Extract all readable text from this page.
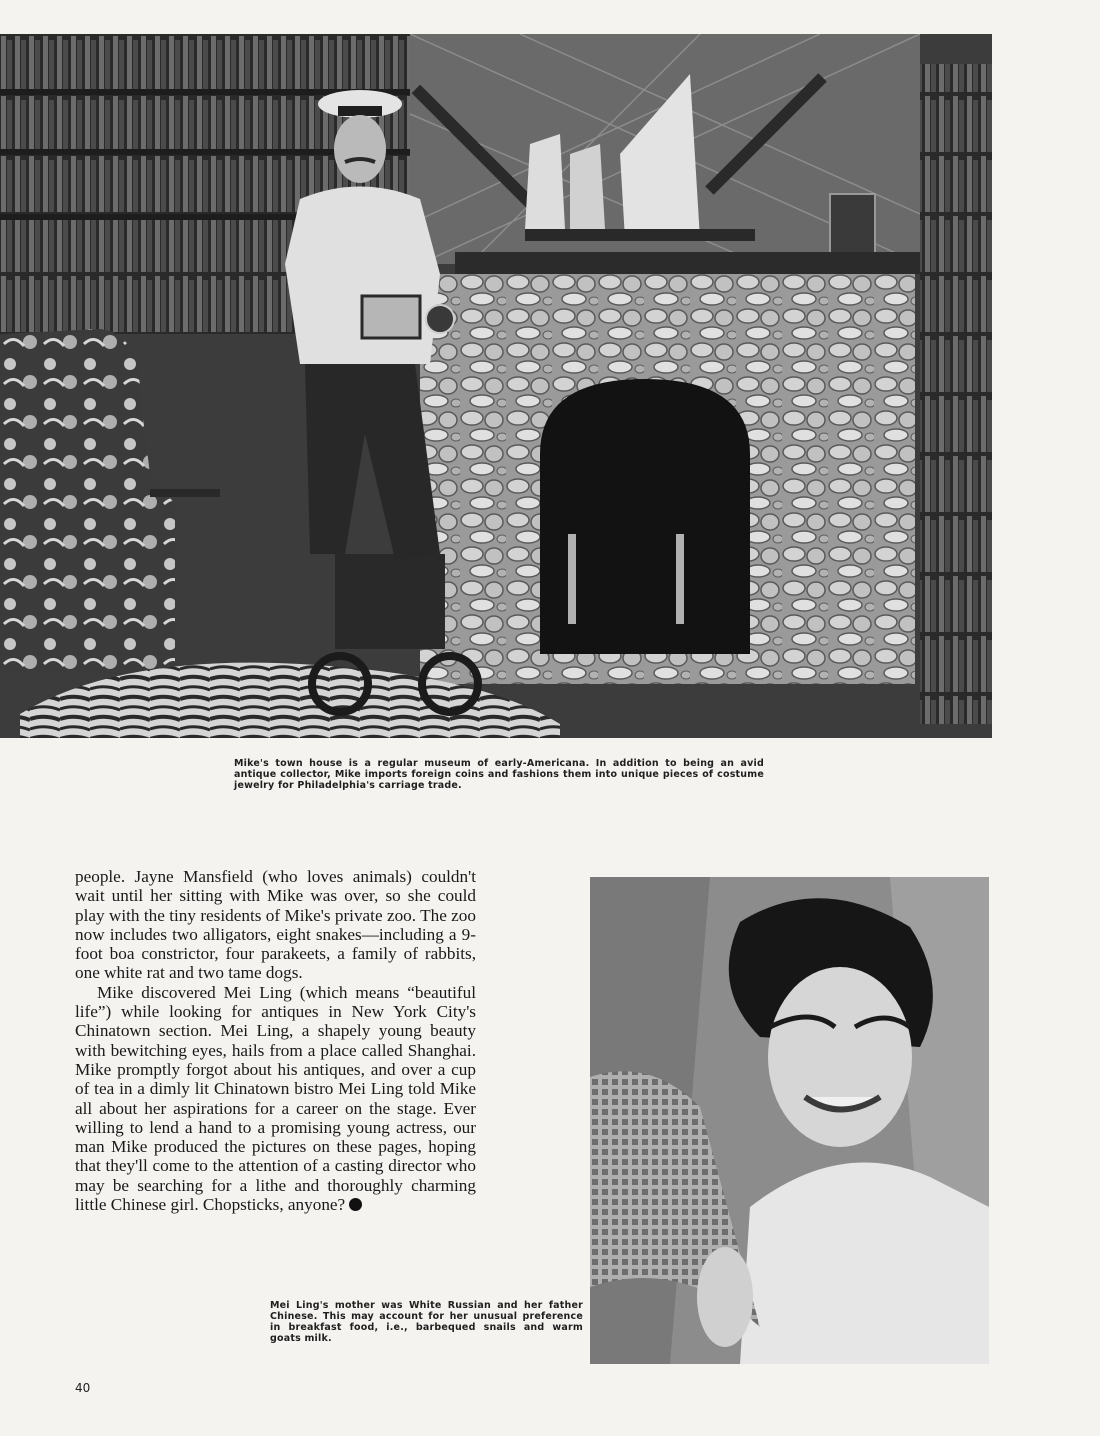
Mike's town house is a regular museum of early-Americana. In addition to being an avid antique collector, Mike imports foreign coins and fashions them into unique pieces of costume jewelry for Philadelphia's carriage trade.

people. Jayne Mansfield (who loves animals) couldn't wait until her sitting with Mike was over, so she could play with the tiny residents of Mike's private zoo. The zoo now includes two alligators, eight snakes—including a 9-foot boa constrictor, four parakeets, a family of rabbits, one white rat and two tame dogs.

Mike discovered Mei Ling (which means “beautiful life”) while looking for antiques in New York City's Chinatown section. Mei Ling, a shapely young beauty with bewitching eyes, hails from a place called Shanghai. Mike promptly forgot about his antiques, and over a cup of tea in a dimly lit Chinatown bistro Mei Ling told Mike all about her aspirations for a career on the stage. Ever willing to lend a hand to a promising young actress, our man Mike produced the pictures on these pages, hoping that they'll come to the attention of a casting director who may be searching for a lithe and thoroughly charming little Chinese girl. Chopsticks, anyone?

Mei Ling's mother was White Russian and her father Chinese. This may account for her unusual preference in breakfast food, i.e., barbequed snails and warm goats milk.
40
